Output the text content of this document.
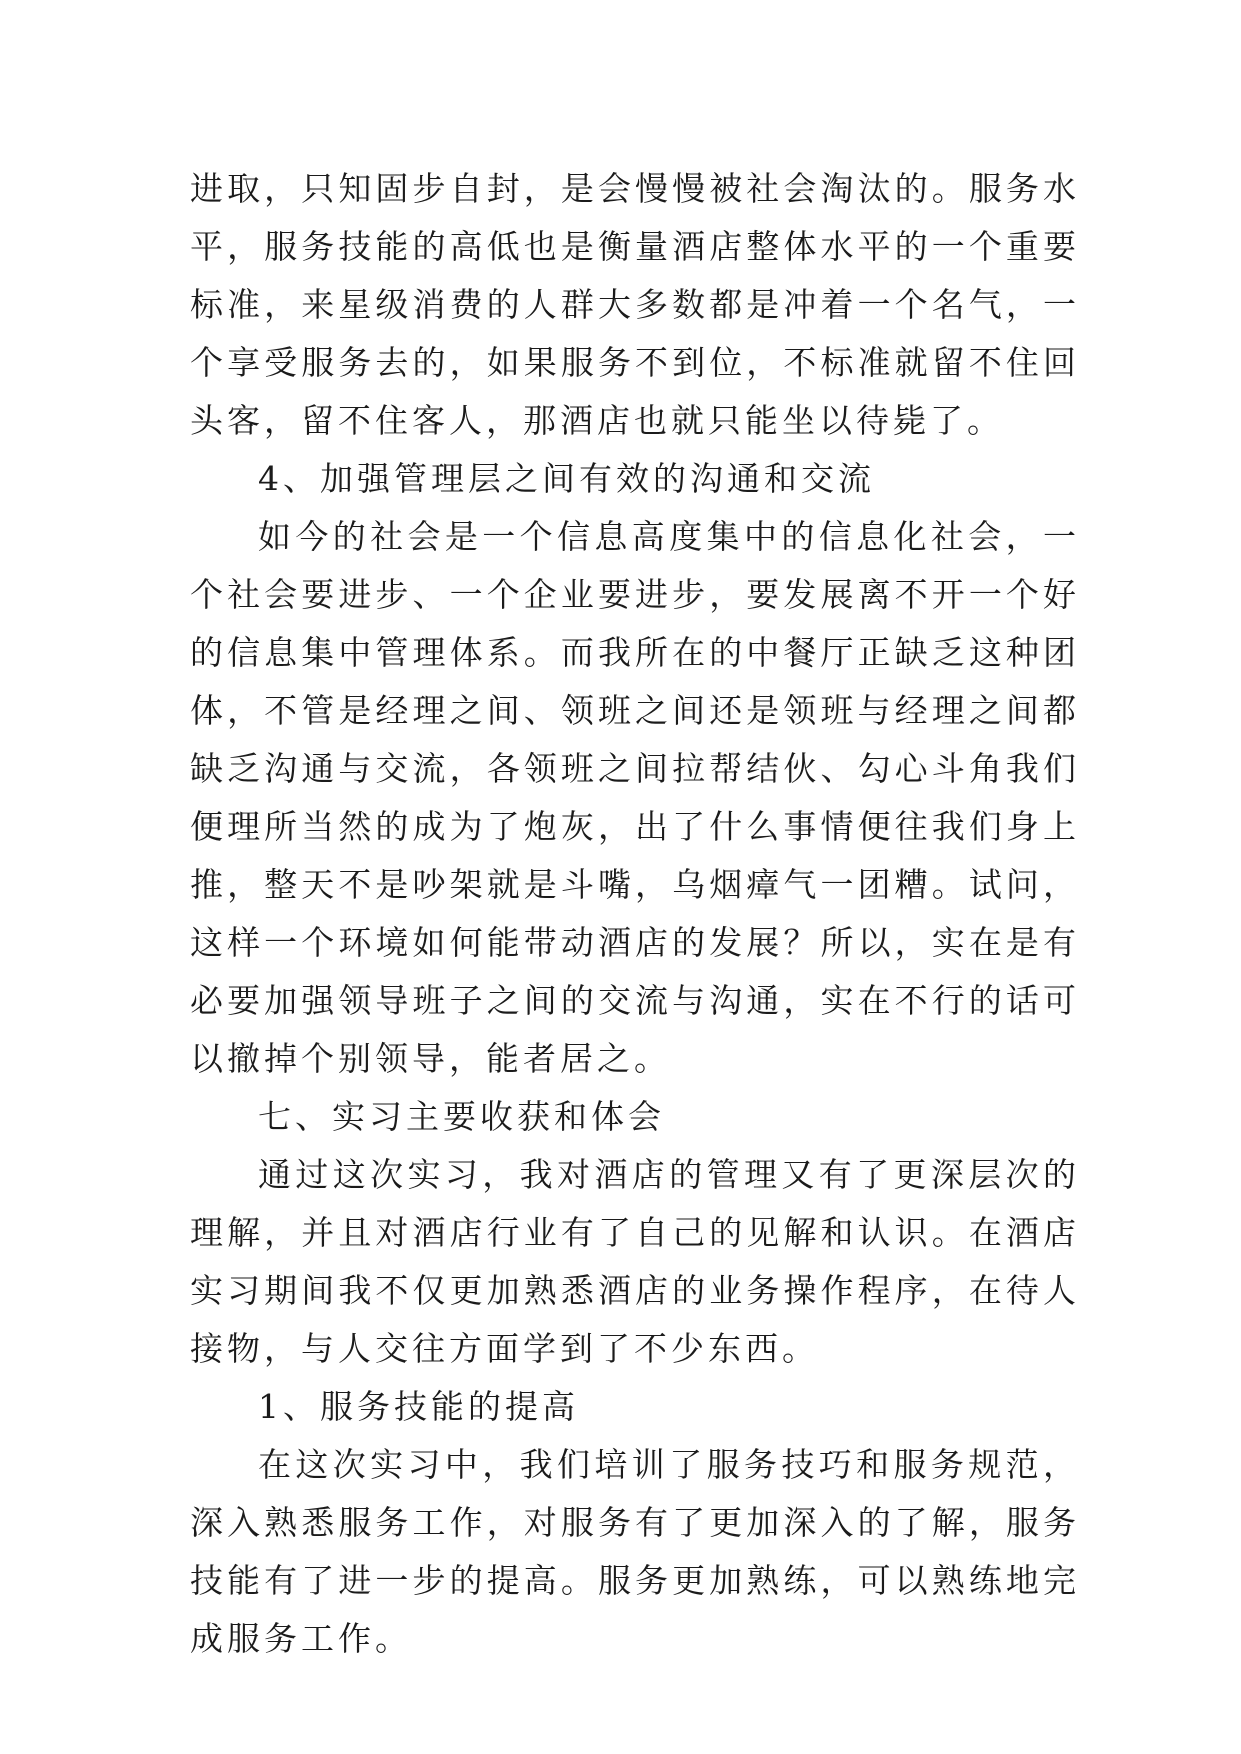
进取，只知固步自封，是会慢慢被社会淘汰的。服务水平，服务技能的高低也是衡量酒店整体水平的一个重要标准，来星级消费的人群大多数都是冲着一个名气，一个享受服务去的，如果服务不到位，不标准就留不住回头客，留不住客人，那酒店也就只能坐以待毙了。

4、加强管理层之间有效的沟通和交流

如今的社会是一个信息高度集中的信息化社会，一个社会要进步、一个企业要进步，要发展离不开一个好的信息集中管理体系。而我所在的中餐厅正缺乏这种团体，不管是经理之间、领班之间还是领班与经理之间都缺乏沟通与交流，各领班之间拉帮结伙、勾心斗角我们便理所当然的成为了炮灰，出了什么事情便往我们身上推，整天不是吵架就是斗嘴，乌烟瘴气一团糟。试问，这样一个环境如何能带动酒店的发展？所以，实在是有必要加强领导班子之间的交流与沟通，实在不行的话可以撤掉个别领导，能者居之。

七、实习主要收获和体会

通过这次实习，我对酒店的管理又有了更深层次的理解，并且对酒店行业有了自己的见解和认识。在酒店实习期间我不仅更加熟悉酒店的业务操作程序，在待人接物，与人交往方面学到了不少东西。

1、服务技能的提高

在这次实习中，我们培训了服务技巧和服务规范，深入熟悉服务工作，对服务有了更加深入的了解，服务技能有了进一步的提高。服务更加熟练，可以熟练地完成服务工作。
